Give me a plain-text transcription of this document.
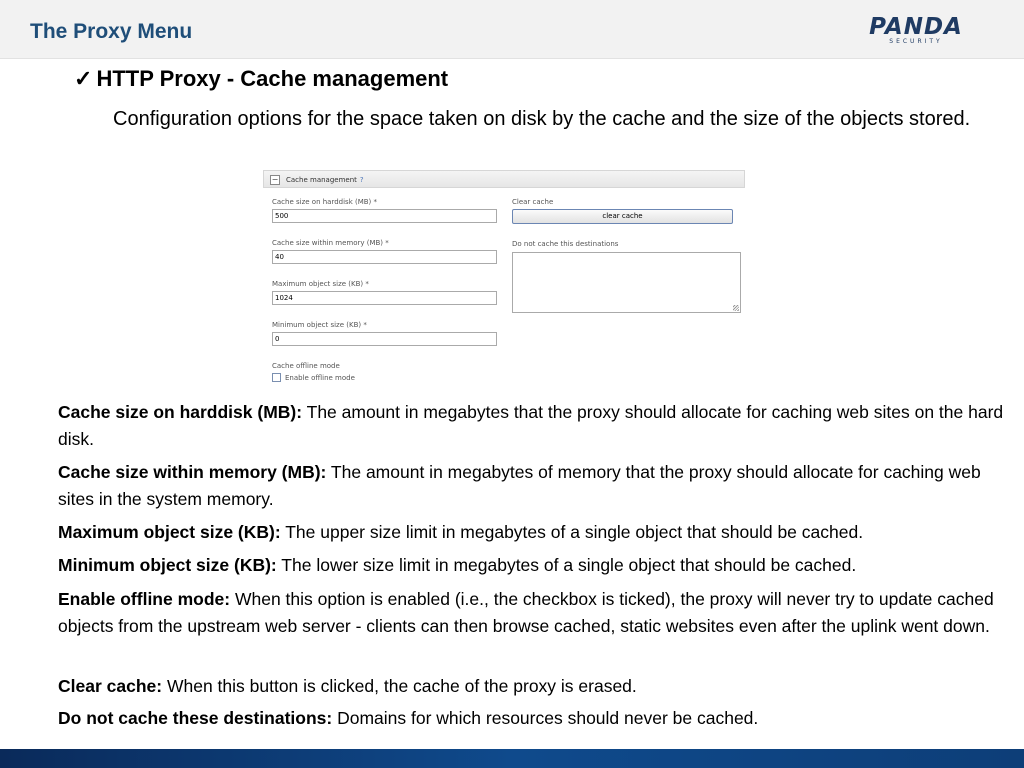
The Proxy Menu	PANDA
SECURITY
✓ HTTP Proxy - Cache management
Configuration options for the space taken on disk by the cache and the size of the objects stored.
− Cache management ?
Cache size on harddisk (MB) *
500
Cache size within memory (MB) *
40
Maximum object size (KB) *
1024
Minimum object size (KB) *
0
Cache offline mode
Enable offline mode
Clear cache
clear cache
Do not cache this destinations

Cache size on harddisk (MB): The amount in megabytes that the proxy should allocate for caching web sites on the hard disk.

Cache size within memory (MB): The amount in megabytes of memory that the proxy should allocate for caching web sites in the system memory.

Maximum object size (KB): The upper size limit in megabytes of a single object that should be cached.

Minimum object size (KB): The lower size limit in megabytes of a single object that should be cached.

Enable offline mode: When this option is enabled (i.e., the checkbox is ticked), the proxy will never try to update cached objects from the upstream web server - clients can then browse cached, static websites even after the uplink went down.

Clear cache: When this button is clicked, the cache of the proxy is erased.

Do not cache these destinations: Domains for which resources should never be cached.
